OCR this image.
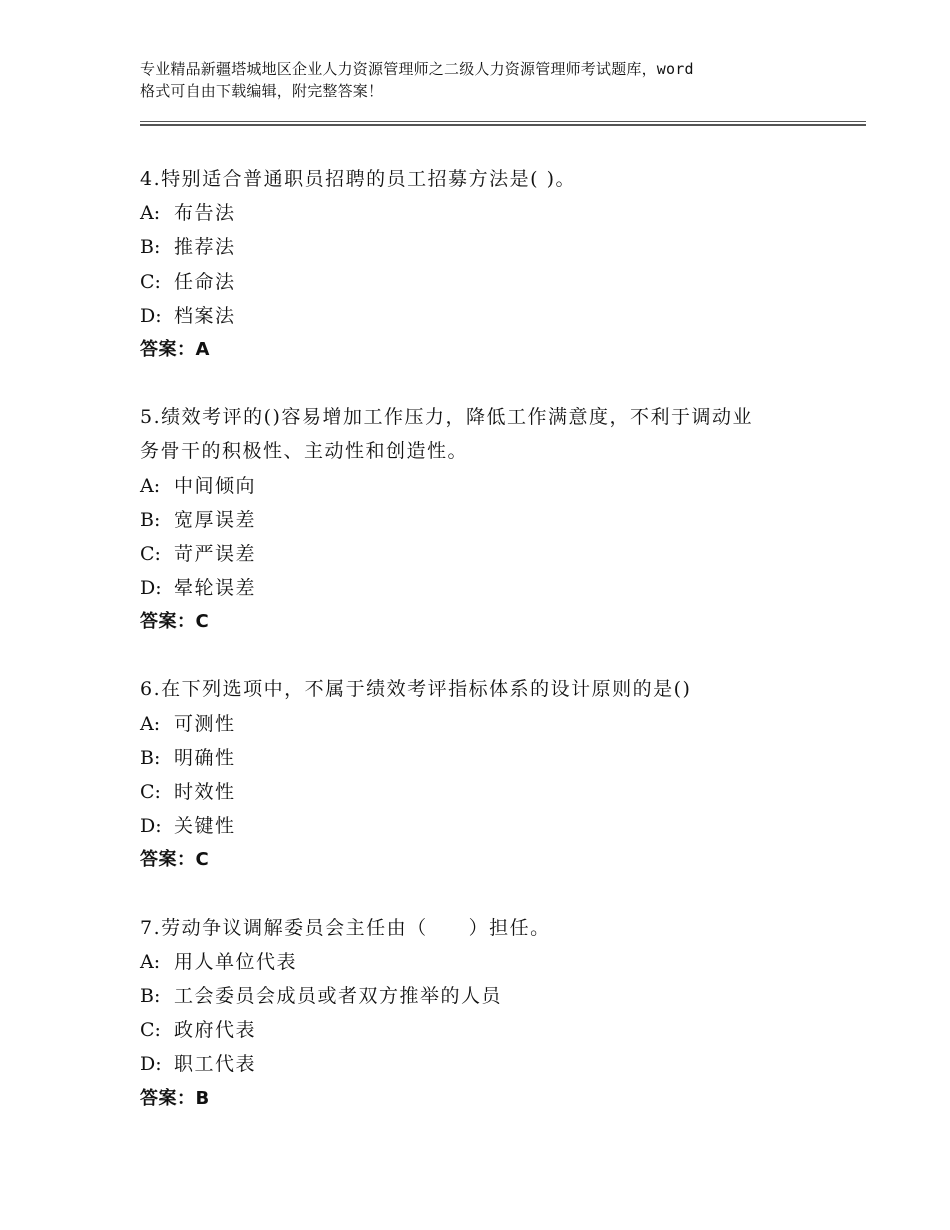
专业精品新疆塔城地区企业人力资源管理师之二级人力资源管理师考试题库，word
格式可自由下载编辑，附完整答案！
4.特别适合普通职员招聘的员工招募方法是( )。
A: 布告法
B: 推荐法
C: 任命法
D: 档案法
答案：A
5.绩效考评的()容易增加工作压力，降低工作满意度，不利于调动业
务骨干的积极性、主动性和创造性。
A: 中间倾向
B: 宽厚误差
C: 苛严误差
D: 晕轮误差
答案：C
6.在下列选项中，不属于绩效考评指标体系的设计原则的是()
A: 可测性
B: 明确性
C: 时效性
D: 关键性
答案：C
7.劳动争议调解委员会主任由（　　）担任。
A: 用人单位代表
B: 工会委员会成员或者双方推举的人员
C: 政府代表
D: 职工代表
答案：B
